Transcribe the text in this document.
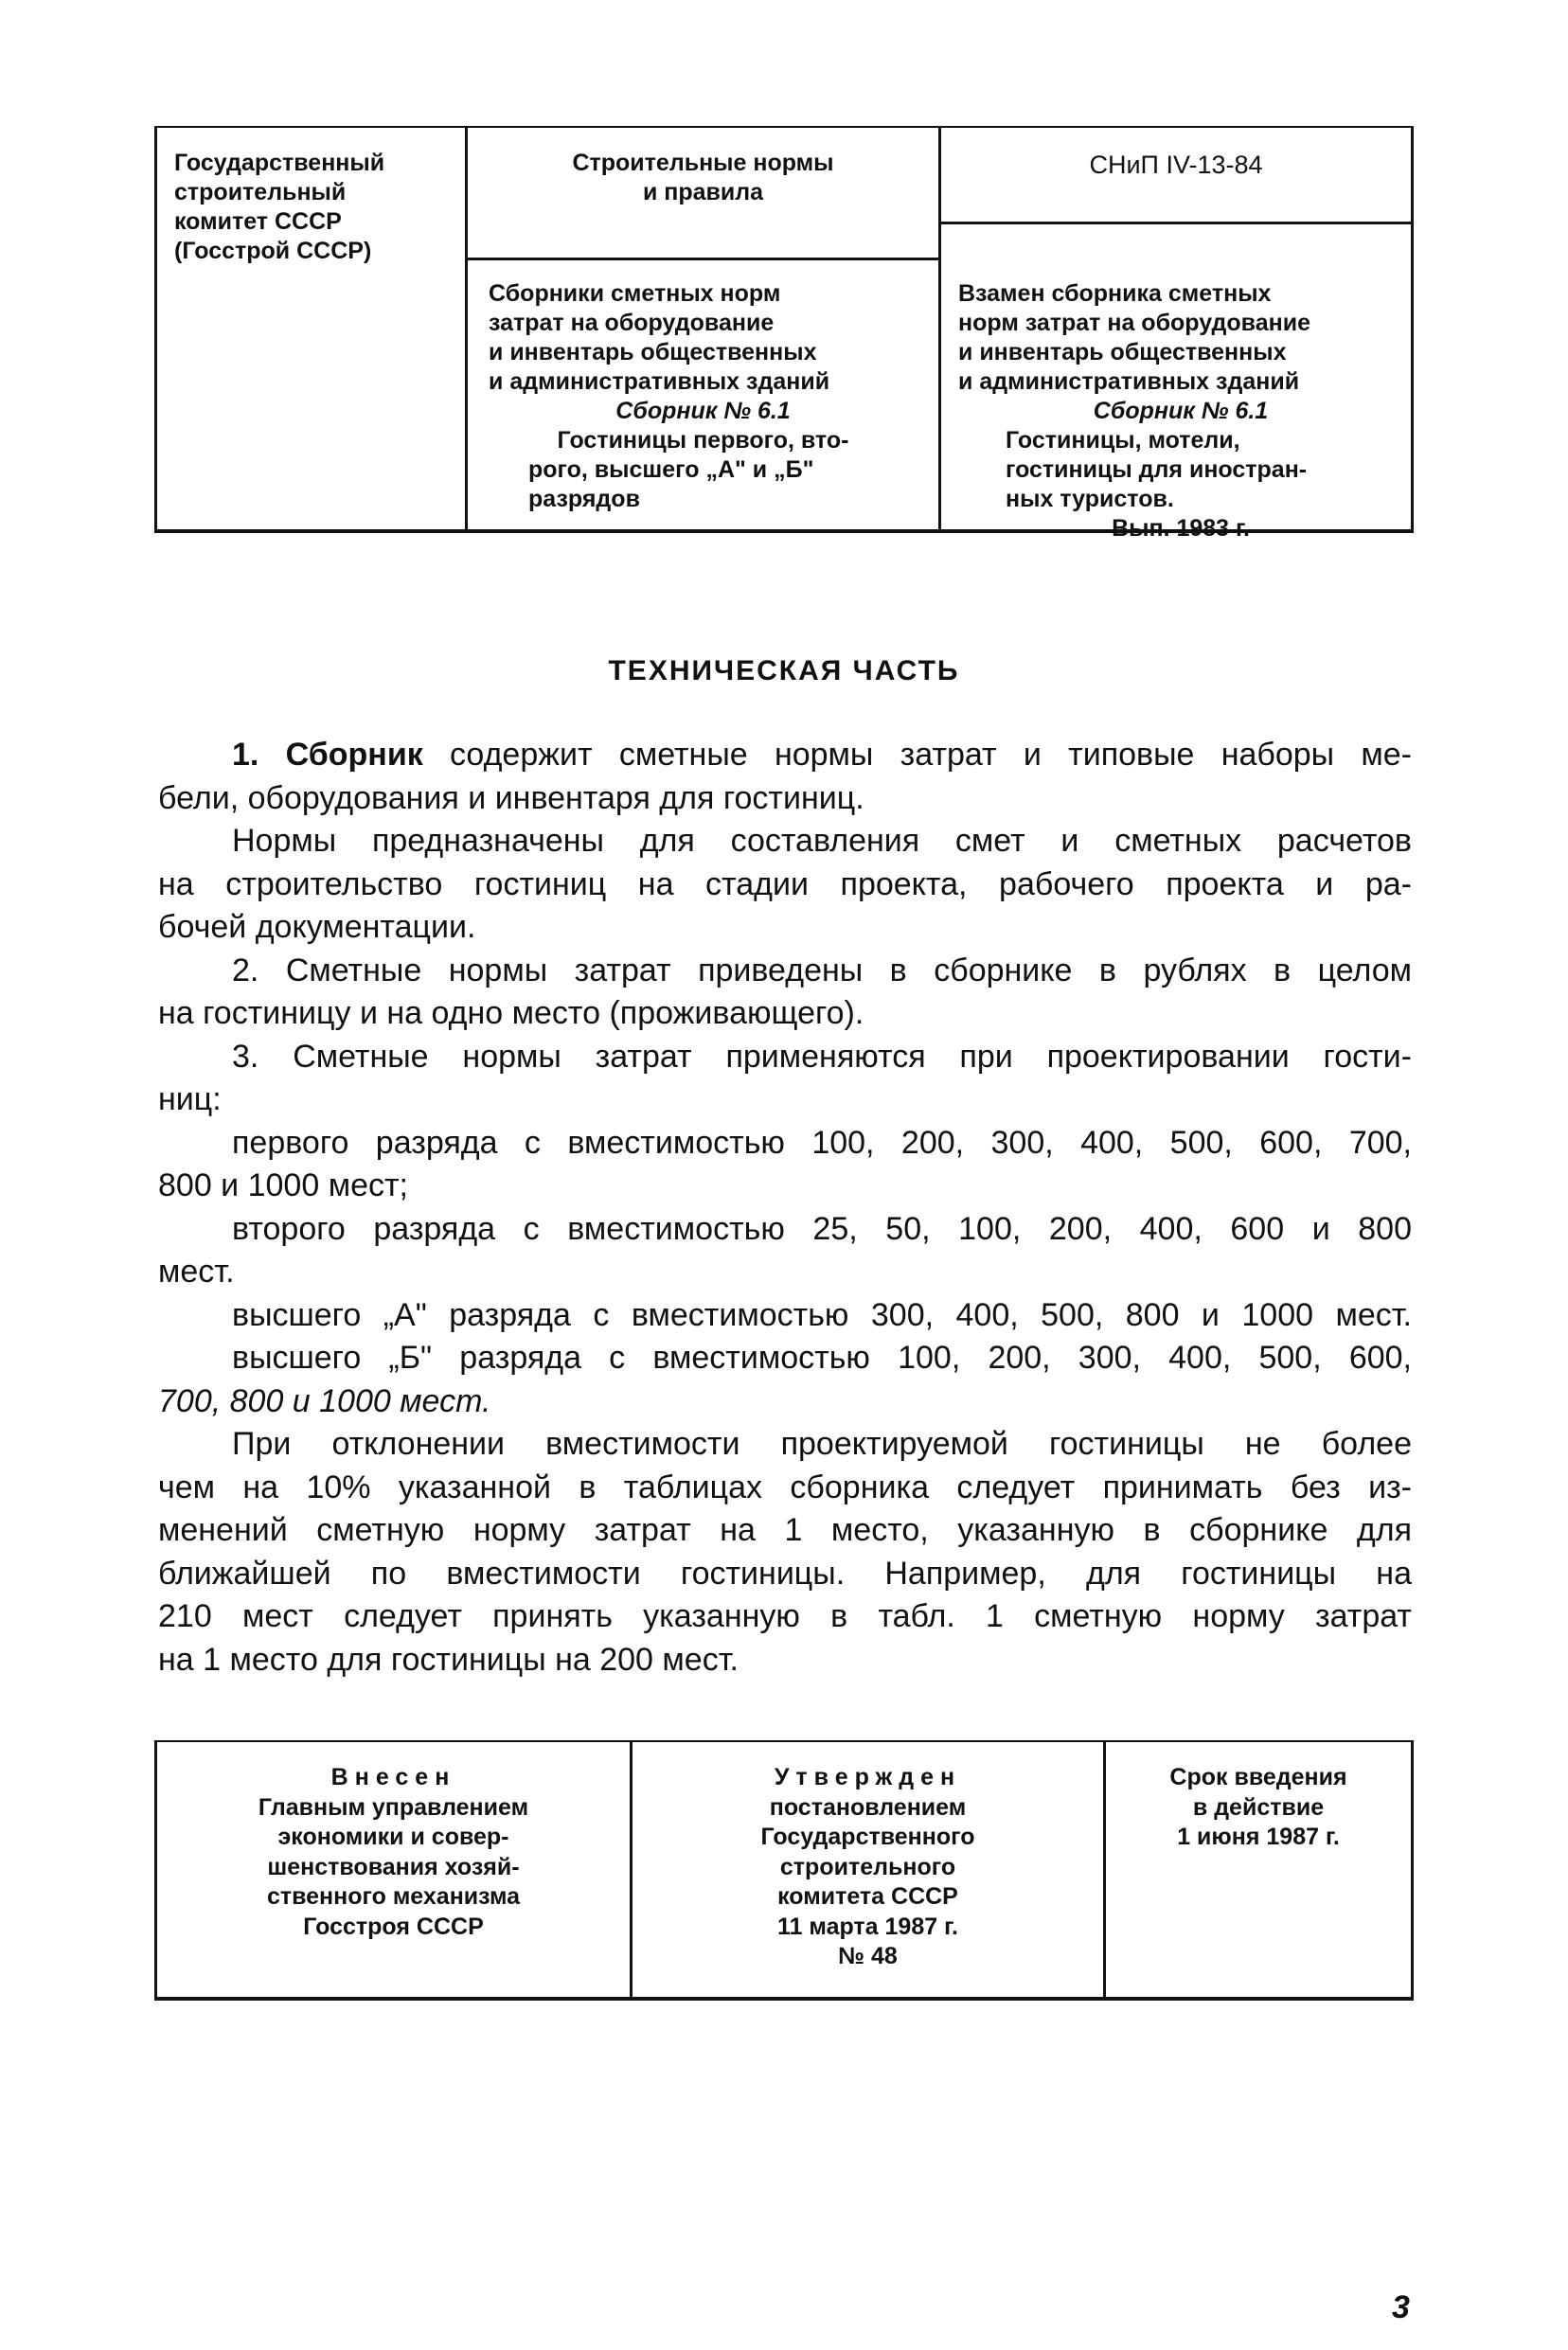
Государственный
строительный
комитет СССР
(Госстрой СССР)
Строительные нормы
и правила
СНиП IV-13-84
Сборники сметных норм
затрат на оборудование
и инвентарь общественных
и административных зданий
Сборник № 6.1
Гостиницы первого, вто-
рого, высшего „А" и „Б"
разрядов
Взамен сборника сметных
норм затрат на оборудование
и инвентарь общественных
и административных зданий
Сборник № 6.1
Гостиницы, мотели,
гостиницы для иностран-
ных туристов.
Вып. 1983 г.
ТЕХНИЧЕСКАЯ ЧАСТЬ
1. Сборник содержит сметные нормы затрат и типовые наборы ме-
бели, оборудования и инвентаря для гостиниц.
Нормы предназначены для составления смет и сметных расчетов
на строительство гостиниц на стадии проекта, рабочего проекта и ра-
бочей документации.
2. Сметные нормы затрат приведены в сборнике в рублях в целом
на гостиницу и на одно место (проживающего).
3. Сметные нормы затрат применяются при проектировании гости-
ниц:
первого разряда с вместимостью 100, 200, 300, 400, 500, 600, 700,
800 и 1000 мест;
второго разряда с вместимостью 25, 50, 100, 200, 400, 600 и 800
мест.
высшего „А" разряда с вместимостью 300, 400, 500, 800 и 1000 мест.
высшего „Б" разряда с вместимостью 100, 200, 300, 400, 500, 600,
700, 800 и 1000 мест.
При отклонении вместимости проектируемой гостиницы не более
чем на 10% указанной в таблицах сборника следует принимать без из-
менений сметную норму затрат на 1 место, указанную в сборнике для
ближайшей по вместимости гостиницы. Например, для гостиницы на
210 мест следует принять указанную в табл. 1 сметную норму затрат
на 1 место для гостиницы на 200 мест.
Внесен
Главным управлением
экономики и совер-
шенствования хозяй-
ственного механизма
Госстроя СССР
Утвержден
постановлением
Государственного
строительного
комитета СССР
11 марта 1987 г.
№ 48
Срок введения
в действие
1 июня 1987 г.
3
